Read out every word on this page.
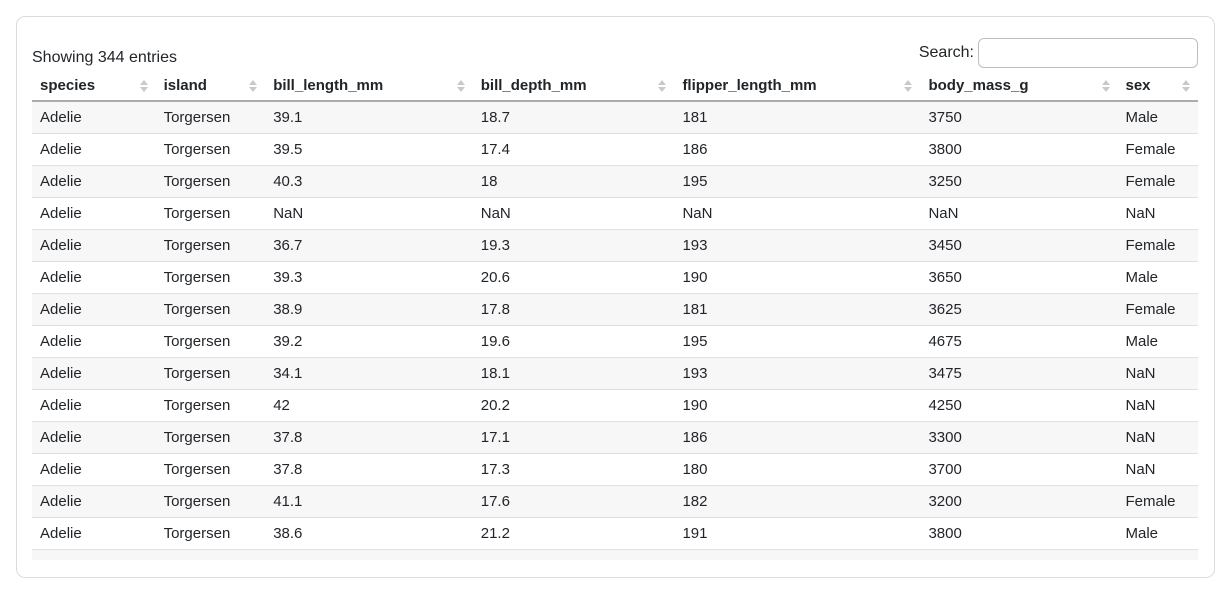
Showing 344 entries	Search:
species	island	bill_length_mm	bill_depth_mm	flipper_length_mm	body_mass_g	sex

Adelie	Torgersen	39.1	18.7	181	3750	Male
Adelie	Torgersen	39.5	17.4	186	3800	Female
Adelie	Torgersen	40.3	18	195	3250	Female
Adelie	Torgersen	NaN	NaN	NaN	NaN	NaN
Adelie	Torgersen	36.7	19.3	193	3450	Female
Adelie	Torgersen	39.3	20.6	190	3650	Male
Adelie	Torgersen	38.9	17.8	181	3625	Female
Adelie	Torgersen	39.2	19.6	195	4675	Male
Adelie	Torgersen	34.1	18.1	193	3475	NaN
Adelie	Torgersen	42	20.2	190	4250	NaN
Adelie	Torgersen	37.8	17.1	186	3300	NaN
Adelie	Torgersen	37.8	17.3	180	3700	NaN
Adelie	Torgersen	41.1	17.6	182	3200	Female
Adelie	Torgersen	38.6	21.2	191	3800	Male
